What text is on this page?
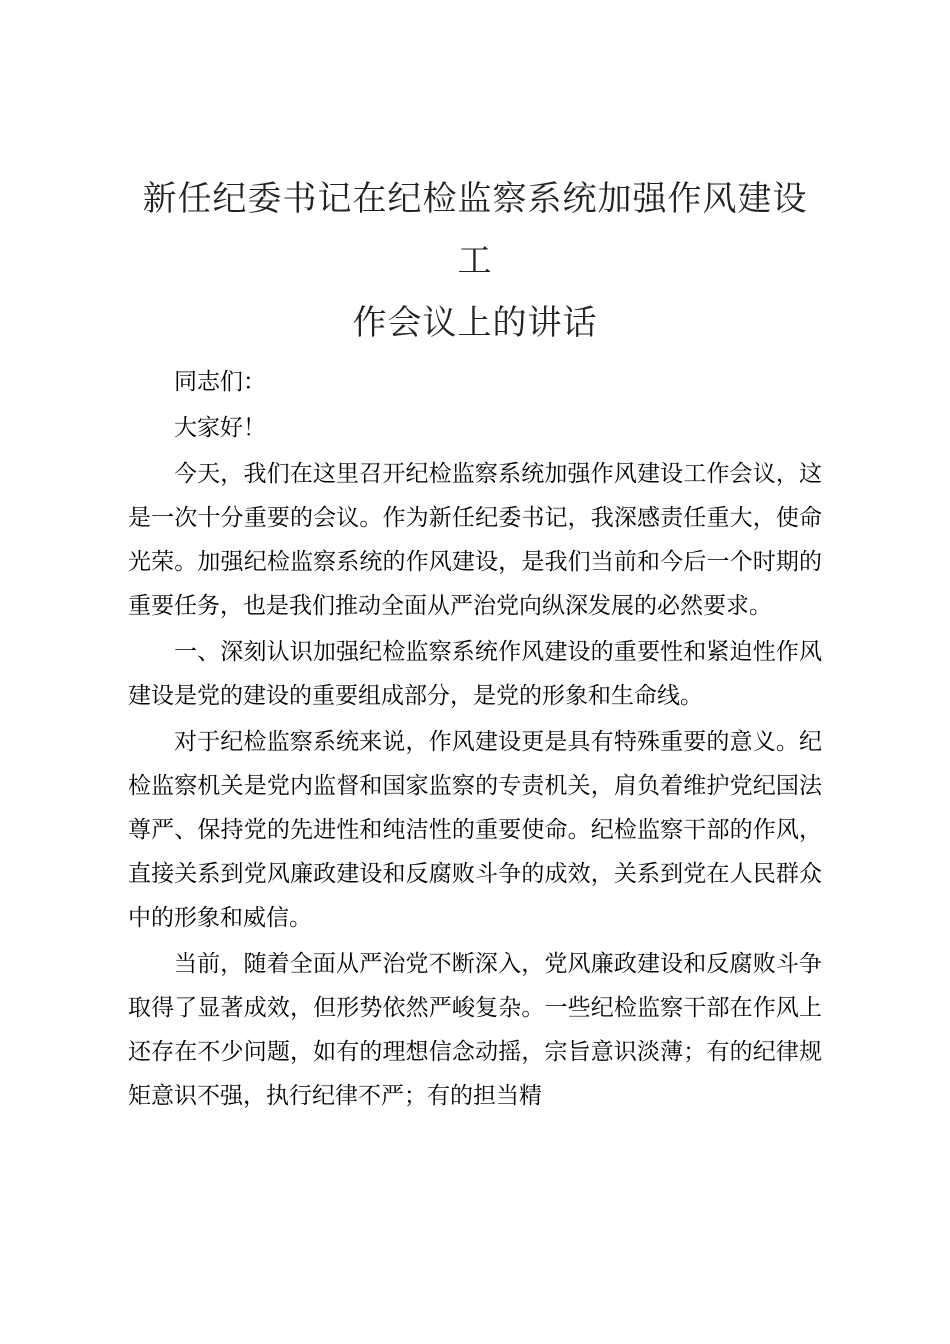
新任纪委书记在纪检监察系统加强作风建设工
作会议上的讲话

同志们：

大家好！

今天，我们在这里召开纪检监察系统加强作风建设工作会议，这是一次十分重要的会议。作为新任纪委书记，我深感责任重大，使命光荣。加强纪检监察系统的作风建设，是我们当前和今后一个时期的重要任务，也是我们推动全面从严治党向纵深发展的必然要求。

一、深刻认识加强纪检监察系统作风建设的重要性和紧迫性作风建设是党的建设的重要组成部分，是党的形象和生命线。

对于纪检监察系统来说，作风建设更是具有特殊重要的意义。纪检监察机关是党内监督和国家监察的专责机关，肩负着维护党纪国法尊严、保持党的先进性和纯洁性的重要使命。纪检监察干部的作风，直接关系到党风廉政建设和反腐败斗争的成效，关系到党在人民群众中的形象和威信。

当前，随着全面从严治党不断深入，党风廉政建设和反腐败斗争取得了显著成效，但形势依然严峻复杂。一些纪检监察干部在作风上还存在不少问题，如有的理想信念动摇，宗旨意识淡薄；有的纪律规矩意识不强，执行纪律不严；有的担当精
